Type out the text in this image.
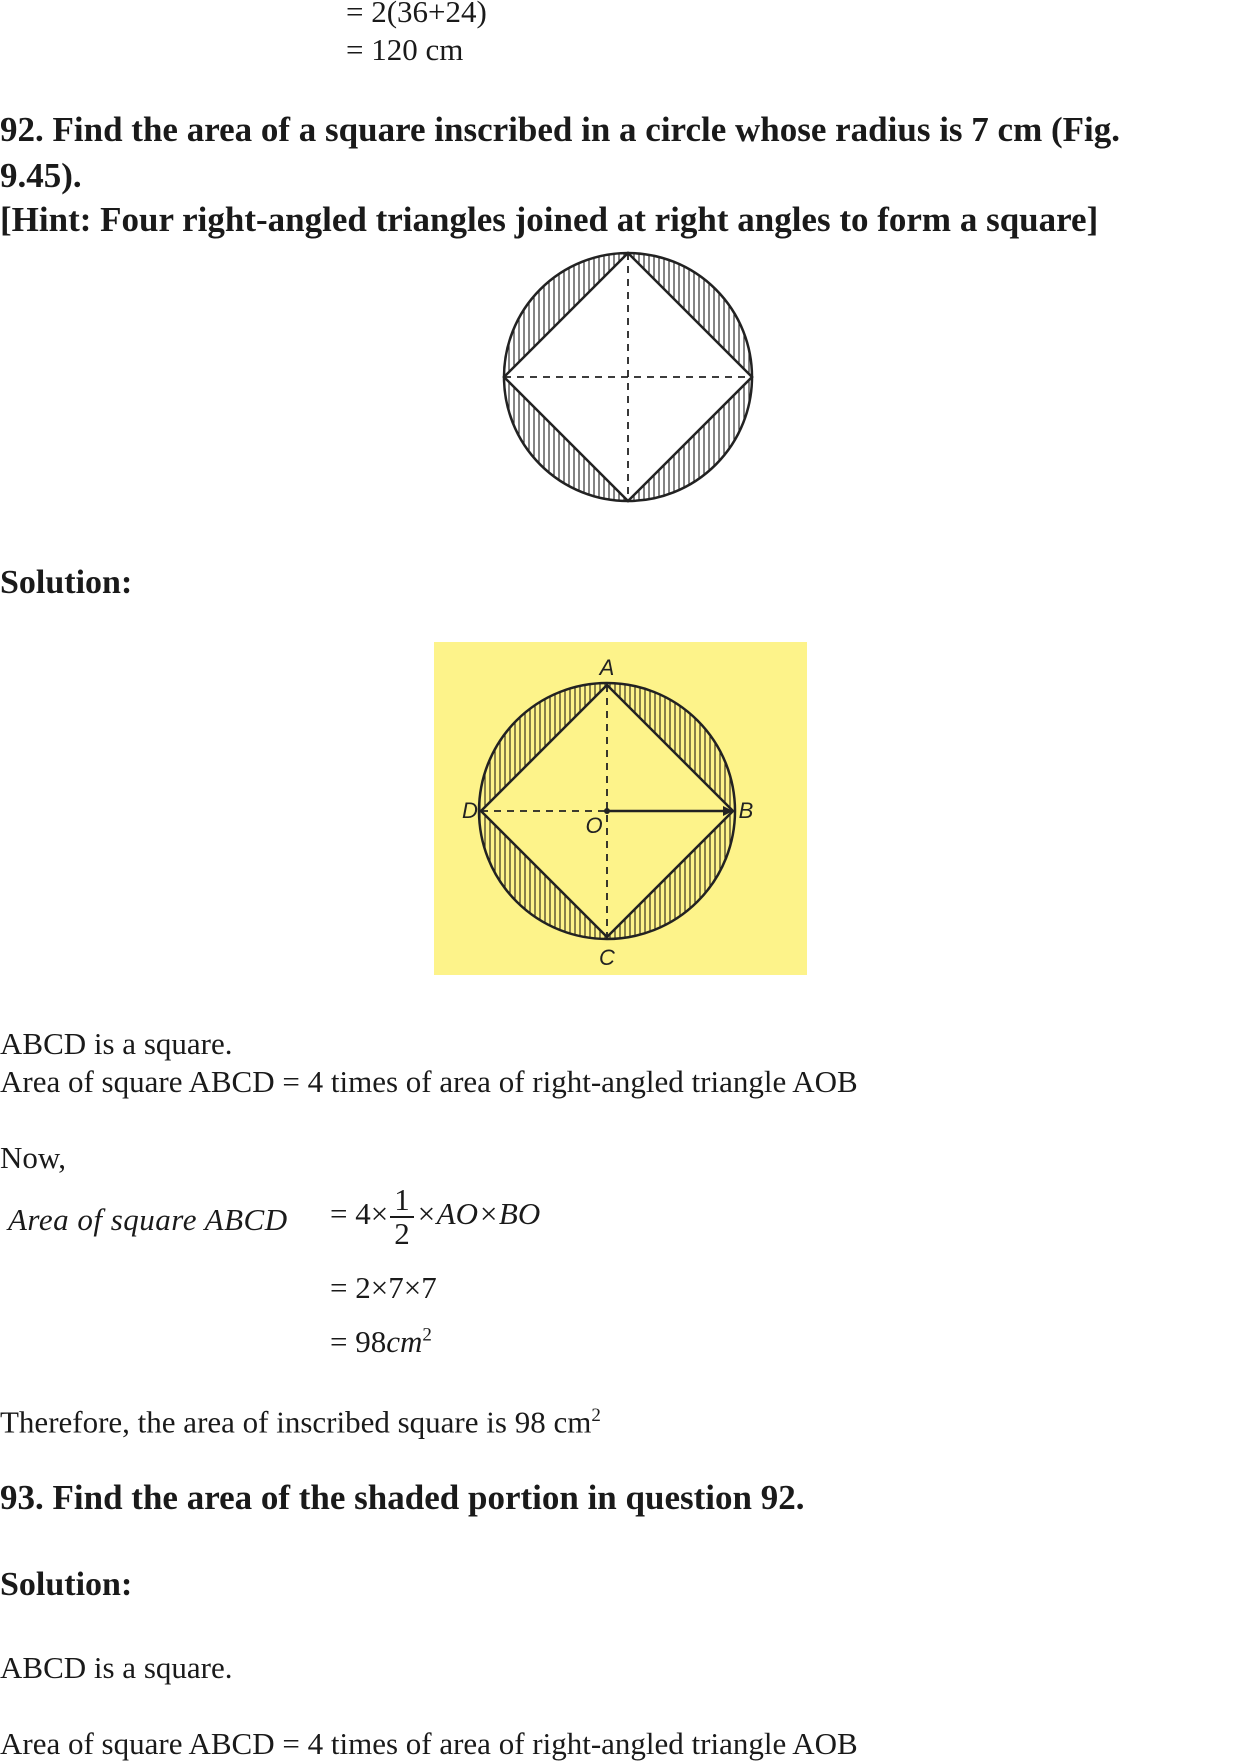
= 2(36+24)
= 120 cm
92. Find the area of a square inscribed in a circle whose radius is 7 cm (Fig.
9.45).
[Hint: Four right-angled triangles joined at right angles to form a square]
Solution:
A
B
C
D
O
ABCD is a square.
Area of square ABCD = 4 times of area of right-angled triangle AOB
Now,
Area of square ABCD = $4\times \frac{1}{2} \times AO\times BO$
= 2×7×7
= $98cm^2$
Therefore, the area of inscribed square is 98 $cm^2$
93. Find the area of the shaded portion in question 92.
Solution:
ABCD is a square.
Area of square ABCD = 4 times of area of right-angled triangle AOB
